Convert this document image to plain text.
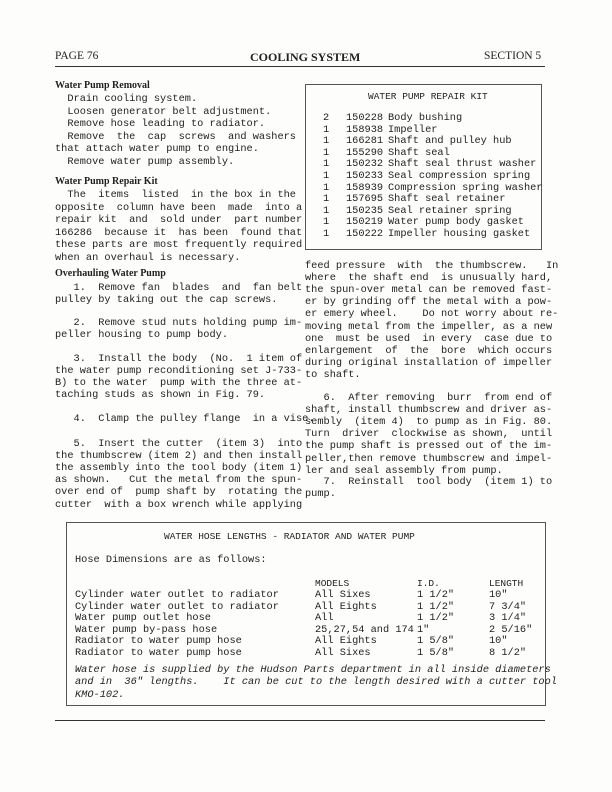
PAGE 76	COOLING SYSTEM	SECTION 5
Water Pump Removal
Drain cooling system.
Loosen generator belt adjustment.
Remove hose leading to radiator.
Remove  the  cap  screws  and washers
that attach water pump to engine.
Remove water pump assembly.
Water Pump Repair Kit
The  items  listed  in the box in the
opposite  column have been  made  into a
repair kit  and  sold under  part number
166286  because it  has been  found that
these parts are most frequently required
when an overhaul is necessary.
Overhauling Water Pump
1.  Remove fan  blades  and  fan belt
pulley by taking out the cap screws.
2.  Remove stud nuts holding pump im-
peller housing to pump body.
3.  Install the body  (No.  1 item of
the water pump reconditioning set J-733-
B) to the water  pump with the three at-
taching studs as shown in Fig. 79.
4.  Clamp the pulley flange  in a vise.
5.  Insert the cutter  (item 3)  into
the thumbscrew (item 2) and then install
the assembly into the tool body (item 1)
as shown.   Cut the metal from the spun-
over end of  pump shaft by  rotating the
cutter  with a box wrench while applying
feed pressure  with  the thumbscrew.   In
where  the shaft end  is unusually hard,
the spun-over metal can be removed fast-
er by grinding off the metal with a pow-
er emery wheel.    Do not worry about re-
moving metal from the impeller, as a new
one  must be used  in every  case due to
enlargement  of  the  bore  which occurs
during original installation of impeller
to shaft.
6.  After removing  burr  from end of
shaft, install thumbscrew and driver as-
sembly  (item 4)  to pump as in Fig. 80.
Turn  driver  clockwise as shown,  until
the pump shaft is pressed out of the im-
peller,then remove thumbscrew and impel-
ler and seal assembly from pump.
7.  Reinstall  tool body  (item 1) to
pump.
WATER PUMP REPAIR KIT
2 150228 Body bushing
1 158938 Impeller
1 166281 Shaft and pulley hub
1 155290 Shaft seal
1 150232 Shaft seal thrust washer
1 150233 Seal compression spring
1 158939 Compression spring washer
1 157695 Shaft seal retainer
1 150235 Seal retainer spring
1 150219 Water pump body gasket
1 150222 Impeller housing gasket
WATER HOSE LENGTHS - RADIATOR AND WATER PUMP
Hose Dimensions are as follows:
MODELS	I.D.	LENGTH
Cylinder water outlet to radiator	All Sixes	1 1/2"	10"
Cylinder water outlet to radiator	All Eights	1 1/2"	7 3/4"
Water pump outlet hose	All	1 1/2"	3 1/4"
Water pump by-pass hose	25,27,54 and 174 1"	2 5/16"
Radiator to water pump hose	All Eights	1 5/8"	10"
Radiator to water pump hose	All Sixes	1 5/8"	8 1/2"
Water hose is supplied by the Hudson Parts department in all inside diameters
and in  36" lengths.    It can be cut to the length desired with a cutter tool
KMO-102.
